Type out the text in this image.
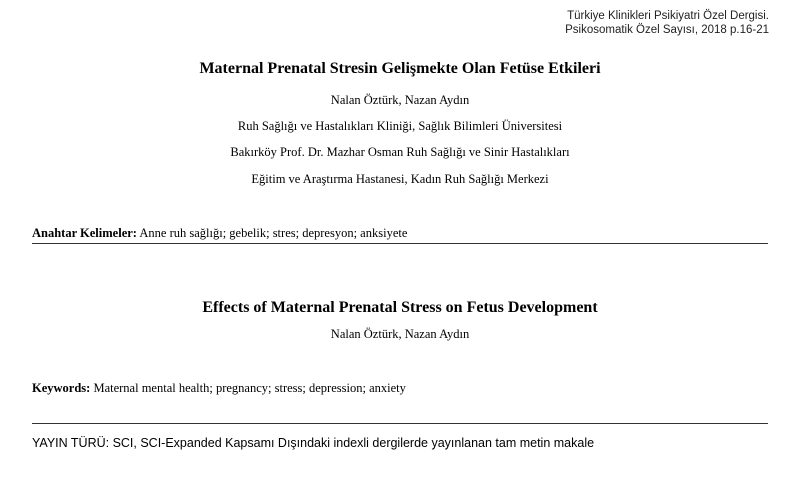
Türkiye Klinikleri Psikiyatri Özel Dergisi.
Psikosomatik Özel Sayısı, 2018 p.16-21
Maternal Prenatal Stresin Gelişmekte Olan Fetüse Etkileri
Nalan Öztürk, Nazan Aydın
Ruh Sağlığı ve Hastalıkları Kliniği, Sağlık Bilimleri Üniversitesi
Bakırköy Prof. Dr. Mazhar Osman Ruh Sağlığı ve Sinir Hastalıkları
Eğitim ve Araştırma Hastanesi, Kadın Ruh Sağlığı Merkezi
Anahtar Kelimeler: Anne ruh sağlığı; gebelik; stres; depresyon; anksiyete
Effects of Maternal Prenatal Stress on Fetus Development
Nalan Öztürk, Nazan Aydın
Keywords: Maternal mental health; pregnancy; stress; depression; anxiety
YAYIN TÜRÜ: SCI, SCI-Expanded Kapsamı Dışındaki indexli dergilerde yayınlanan tam metin makale
